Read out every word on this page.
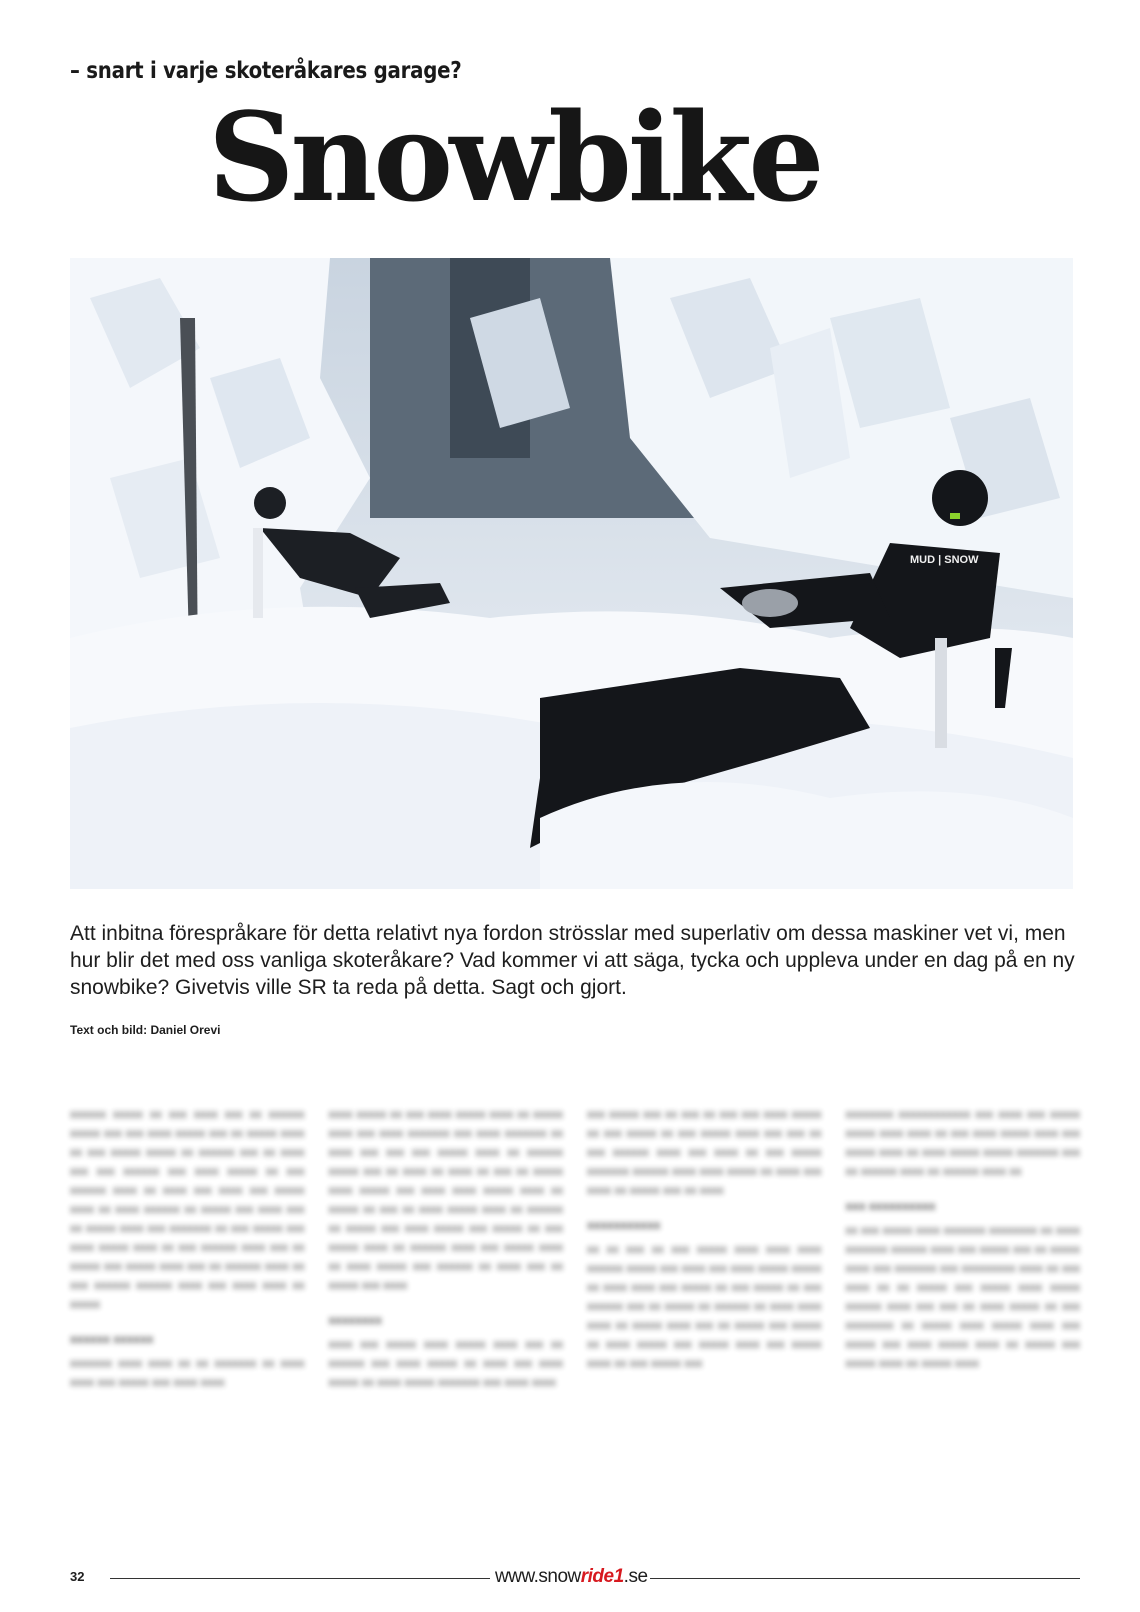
– snart i varje skoteråkares garage?
Snowbike
MUD | SNOW

Att inbitna förespråkare för detta relativt nya fordon strösslar med superlativ om dessa maskiner vet vi, men hur blir det med oss vanliga skoteråkare? Vad kommer vi att säga, tycka och uppleva under en dag på en ny snowbike? Givetvis ville SR ta reda på detta. Sagt och gjort.

Text och bild: Daniel Orevi

xxxxxx xxxxx xx xxx xxxx xxx xx xxxxxx xxxxx xxx xxx xxxx xxxxx xxx xx xxxxx xxxx xx xxx xxxxx xxxxx xx xxxxxx xxx xx xxxx xxx xxx xxxxxx xxx xxxx xxxxx xx xxx xxxxxx xxxx xx xxxx xxx xxxx xxx xxxxx xxxx xx xxxx xxxxxx xx xxxxx xxx xxxx xxx xx xxxxx xxxx xxx xxxxxxx xx xxx xxxxx xxx xxxx xxxxx xxxx xx xxx xxxxxx xxxx xxx xx xxxxx xxx xxxxx xxxx xxx xx xxxxxx xxxx xx xxx xxxxxx xxxxxx xxxx xxx xxxx xxxx xx xxxxx

xxxxxx xxxxxx

xxxxxxx xxxx xxxx xx xx xxxxxxx xx xxxx xxxx xxx xxxxx xxx xxxx xxxx

xxxx xxxxx xx xxx xxxx xxxxx xxxx xx xxxxx xxxx xxx xxxx xxxxxxx xxx xxxx xxxxxxx xx xxxx xxx xxx xxx xxxxx xxxx xx xxxxxx xxxxx xxx xx xxxx xx xxxx xx xxx xx xxxxx xxxx xxxxx xxx xxxx xxxx xxxxx xxxx xx xxxxx xx xxx xx xxxx xxxxx xxxx xx xxxxxx xx xxxxx xxx xxxx xxxxx xxx xxxxx xx xxx xxxxx xxxx xx xxxxxx xxxx xxx xxxxx xxxx xx xxxx xxxxx xxx xxxxxx xx xxxx xxx xx xxxxx xxx xxxx

xxxxxxxx

xxxx xxx xxxxx xxxx xxxxx xxxx xxx xx xxxxxx xxx xxxx xxxxx xx xxxx xxx xxxx xxxxx xx xxxx xxxxx xxxxxxx xxx xxxx xxxx

xxx xxxxx xxx xx xxx xx xxx xxx xxxx xxxxx xx xxx xxxxx xx xxx xxxxx xxxx xxx xxx xx xxx xxxxxx xxxx xxx xxxx xx xxx xxxxx xxxxxxx xxxxxx xxxx xxxx xxxxx xx xxxx xxx xxxx xx xxxxx xxx xx xxxx

xxxxxxxxxxx

xx xx xxx xx xxx xxxxx xxxx xxxx xxxx xxxxxx xxxxx xxx xxxx xxx xxxx xxxxx xxxxx xx xxxx xxxx xxx xxxxx xx xxx xxxxx xx xxx xxxxxx xxx xx xxxxx xx xxxxxx xx xxxx xxxx xxxx xx xxxxx xxxx xxx xx xxxxx xxx xxxxx xx xxxx xxxxx xxx xxxxx xxxx xxx xxxxx xxxx xx xxx xxxxx xxx

xxxxxxxx xxxxxxxxxxxx xxx xxxx xxx xxxxx xxxxx xxxx xxxx xx xxx xxxx xxxxx xxxx xxx xxxxx xxxx xx xxxx xxxxx xxxxx xxxxxxx xxx xx xxxxxx xxxx xx xxxxxx xxxx xx

xxx xxxxxxxxxx

xx xxx xxxxx xxxx xxxxxxx xxxxxxxx xx xxxx xxxxxxx xxxxxx xxxx xxx xxxxx xxx xx xxxxx xxxx xxx xxxxxxx xxx xxxxxxxxx xxxx xx xxx xxxx xx xx xxxxx xxx xxxxx xxxx xxxxx xxxxxx xxxx xxx xxx xx xxxx xxxxx xx xxx xxxxxxxx xx xxxxx xxxx xxxxx xxxx xxx xxxxx xxx xxxx xxxxx xxxx xx xxxxx xxx xxxxx xxxx xx xxxxx xxxx

32	www.snowride1.se
